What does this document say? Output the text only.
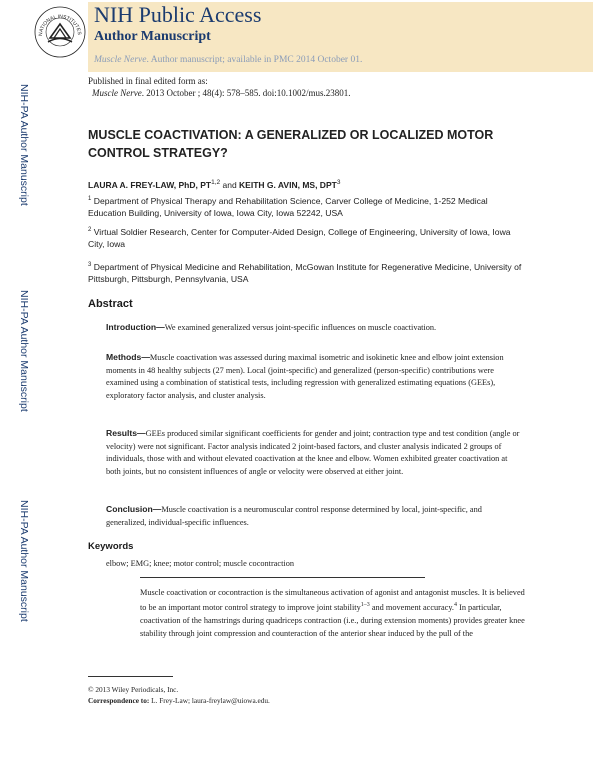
NATIONAL INSTITUTES
NIH Public Access
Author Manuscript
Muscle Nerve. Author manuscript; available in PMC 2014 October 01.
NIH-PA Author Manuscript
NIH-PA Author Manuscript
NIH-PA Author Manuscript
Published in final edited form as:
Muscle Nerve. 2013 October ; 48(4): 578–585. doi:10.1002/mus.23801.
MUSCLE COACTIVATION: A GENERALIZED OR LOCALIZED MOTOR CONTROL STRATEGY?
LAURA A. FREY-LAW, PhD, PT$^{1,2}$ and KEITH G. AVIN, MS, DPT$^3$
$^1$ Department of Physical Therapy and Rehabilitation Science, Carver College of Medicine, 1-252 Medical Education Building, University of Iowa, Iowa City, Iowa 52242, USA
$^2$ Virtual Soldier Research, Center for Computer-Aided Design, College of Engineering, University of Iowa, Iowa City, Iowa
$^3$ Department of Physical Medicine and Rehabilitation, McGowan Institute for Regenerative Medicine, University of Pittsburgh, Pittsburgh, Pennsylvania, USA
Abstract
Introduction—We examined generalized versus joint-specific influences on muscle coactivation.
Methods—Muscle coactivation was assessed during maximal isometric and isokinetic knee and elbow joint extension moments in 48 healthy subjects (27 men). Local (joint-specific) and generalized (person-specific) contributions were examined using a combination of statistical tests, including regression with generalized estimating equations (GEEs), exploratory factor analysis, and cluster analysis.
Results—GEEs produced similar significant coefficients for gender and joint; contraction type and test condition (angle or velocity) were not significant. Factor analysis indicated 2 joint-based factors, and cluster analysis indicated 2 groups of individuals, those with and without elevated coactivation at the knee and elbow. Women exhibited greater coactivation at both joints, but no consistent influences of angle or velocity were observed at either joint.
Conclusion—Muscle coactivation is a neuromuscular control response determined by local, joint-specific, and generalized, individual-specific influences.
Keywords
elbow; EMG; knee; motor control; muscle cocontraction
Muscle coactivation or cocontraction is the simultaneous activation of agonist and antagonist muscles. It is believed to be an important motor control strategy to improve joint stability$^{1-3}$ and movement accuracy.$^4$ In particular, coactivation of the hamstrings during quadriceps contraction (i.e., during extension moments) provides greater knee stability through joint compression and counteraction of the anterior shear induced by the pull of the
© 2013 Wiley Periodicals, Inc.
Correspondence to: L. Frey-Law; laura-freylaw@uiowa.edu.
